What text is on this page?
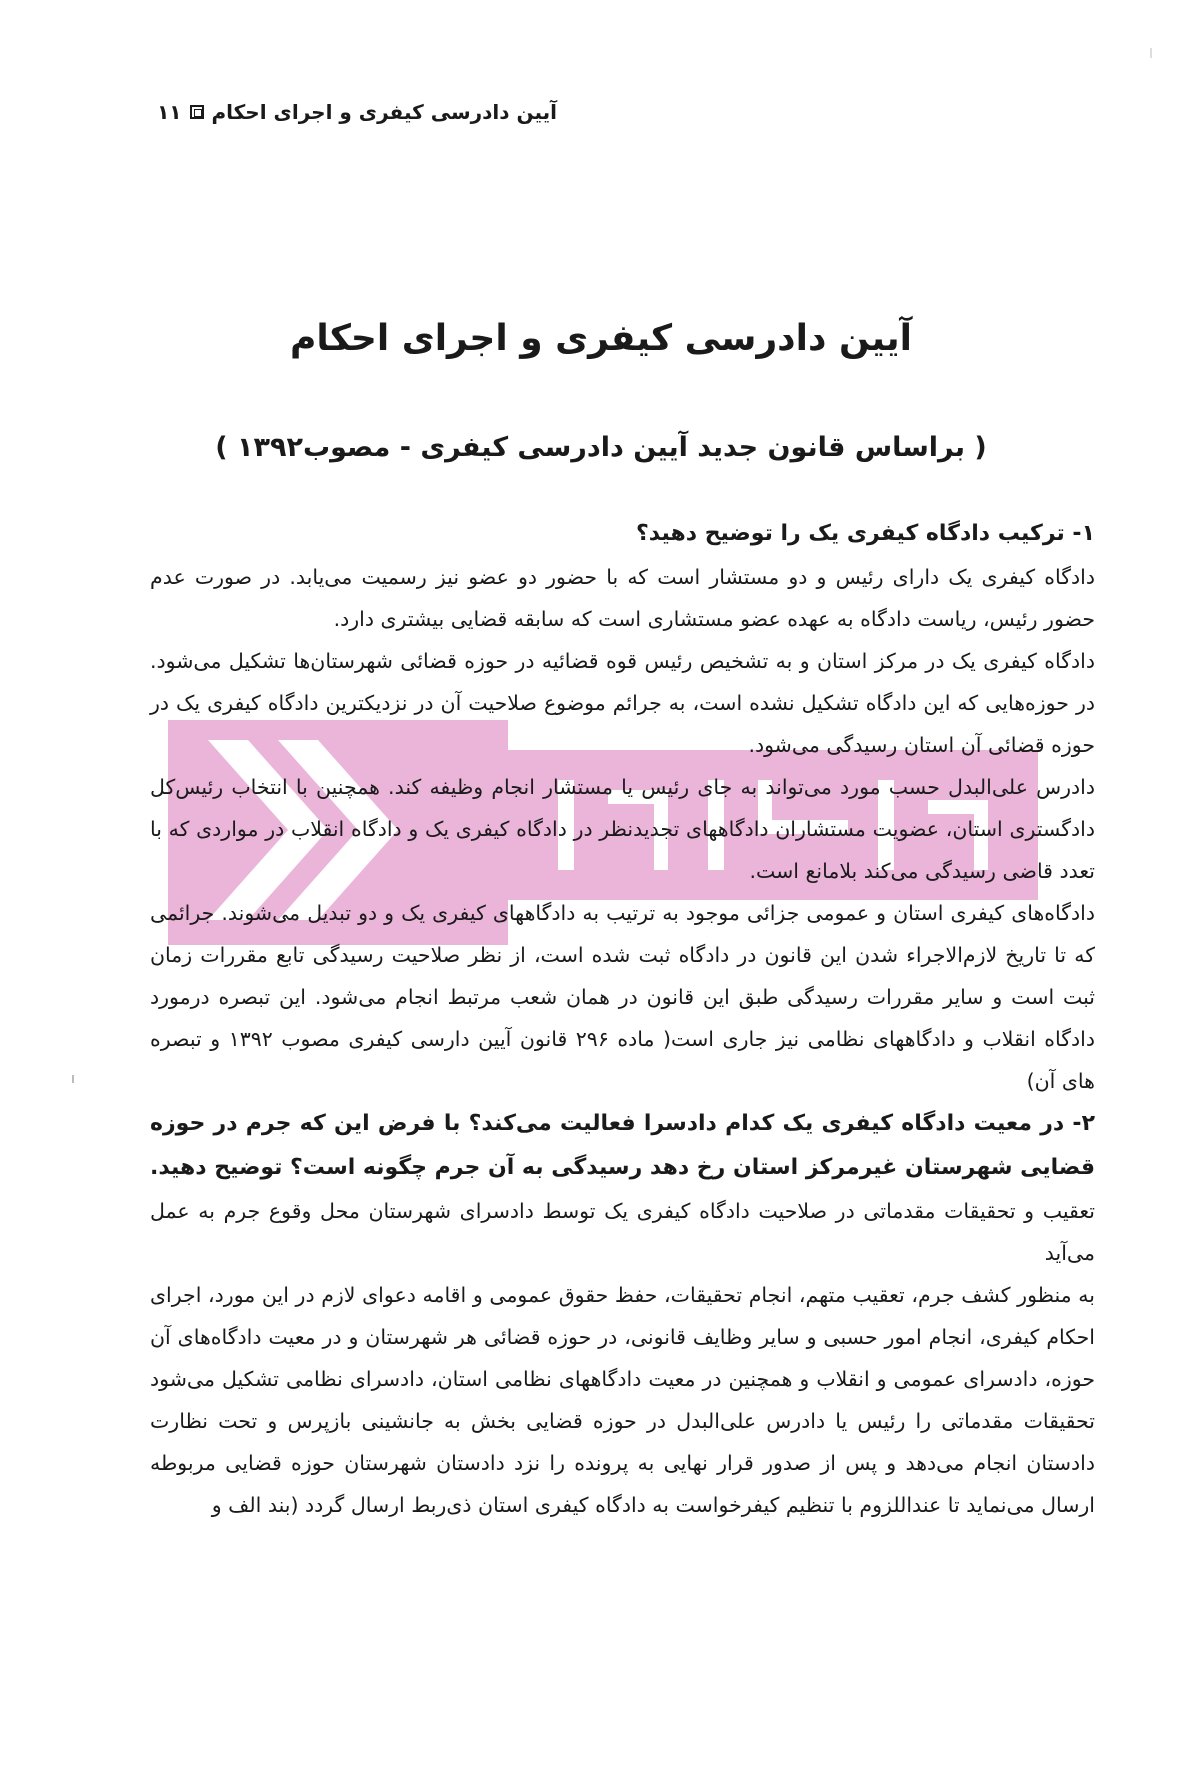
آیین دادرسی کیفری و اجرای احکام
۱۱
آیین دادرسی کیفری و اجرای احکام
( براساس قانون جدید آیین دادرسی کیفری - مصوب۱۳۹۲ )

۱- ترکیب دادگاه کیفری یک را توضیح دهید؟

دادگاه کیفری یک دارای رئیس و دو مستشار است که با حضور دو عضو نیز رسمیت می‌یابد. در صورت عدم حضور رئیس، ریاست دادگاه به عهده عضو مستشاری است که سابقه قضایی بیشتری دارد.

دادگاه کیفری یک در مرکز استان و به تشخیص رئیس قوه قضائیه در حوزه قضائی شهرستان‌ها تشکیل می‌شود. در حوزه‌هایی که این دادگاه تشکیل نشده است، به جرائم موضوع صلاحیت آن در نزدیکترین دادگاه کیفری یک در حوزه قضائی آن استان رسیدگی می‌شود.

دادرس علی‌البدل حسب مورد می‌تواند به جای رئیس یا مستشار انجام وظیفه کند. همچنین با انتخاب رئیس‌کل دادگستری استان، عضویت مستشاران دادگاههای تجدیدنظر در دادگاه کیفری یک و دادگاه انقلاب در مواردی که با تعدد قاضی رسیدگی می‌کند بلامانع است.

دادگاه‌های کیفری استان و عمومی جزائی موجود به ترتیب به دادگاههای کیفری یک و دو تبدیل می‌شوند. جرائمی که تا تاریخ لازم‌الاجراء شدن این قانون در دادگاه ثبت شده است، از نظر صلاحیت رسیدگی تابع مقررات زمان ثبت است و سایر مقررات رسیدگی طبق این قانون در همان شعب مرتبط انجام می‌شود. این تبصره درمورد دادگاه انقلاب و دادگاههای نظامی نیز جاری است( ماده ۲۹۶ قانون آیین دارسی کیفری مصوب ۱۳۹۲ و تبصره های آن)

۲- در معیت دادگاه کیفری یک کدام دادسرا فعالیت می‌کند؟ با فرض این که جرم در حوزه قضایی شهرستان غیرمرکز استان رخ دهد رسیدگی به آن جرم چگونه است؟ توضیح دهید.

تعقیب و تحقیقات مقدماتی در صلاحیت دادگاه کیفری یک توسط دادسرای شهرستان محل وقوع جرم به عمل می‌آید

به منظور کشف جرم، تعقیب متهم، انجام تحقیقات، حفظ حقوق عمومی و اقامه دعوای لازم در این مورد، اجرای احکام کیفری، انجام امور حسبی و سایر وظایف قانونی، در حوزه قضائی هر شهرستان و در معیت دادگاه‌های آن حوزه، دادسرای عمومی و انقلاب و همچنین در معیت دادگاههای نظامی استان، دادسرای نظامی تشکیل می‌شود تحقیقات مقدماتی را رئیس یا دادرس علی‌البدل در حوزه قضایی بخش به جانشینی بازپرس و تحت نظارت دادستان انجام می‌دهد و پس از صدور قرار نهایی به پرونده را نزد دادستان شهرستان حوزه قضایی مربوطه ارسال می‌نماید تا عنداللزوم با تنظیم کیفرخواست به دادگاه کیفری استان ذی‌ربط ارسال گردد (بند الف و
